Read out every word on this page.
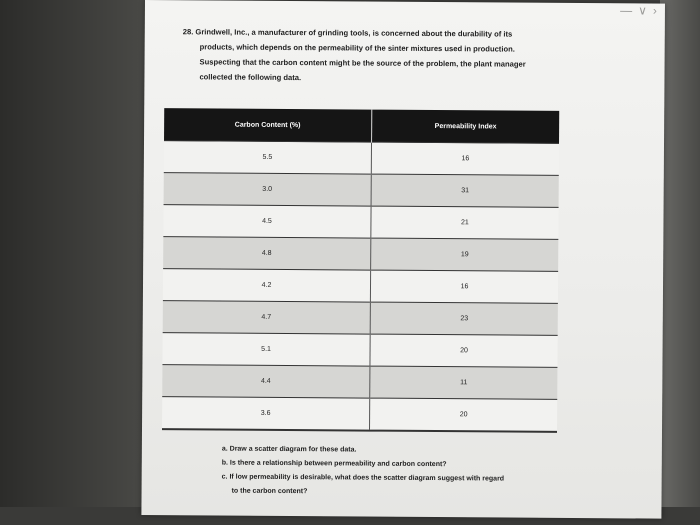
—∨›
28. Grindwell, Inc., a manufacturer of grinding tools, is concerned about the durability of its
products, which depends on the permeability of the sinter mixtures used in production.
Suspecting that the carbon content might be the source of the problem, the plant manager
collected the following data.
Carbon Content (%)	Permeability Index
5.5	16
3.0	31
4.5	21
4.8	19
4.2	16
4.7	23
5.1	20
4.4	11
3.6	20
a. Draw a scatter diagram for these data.
b. Is there a relationship between permeability and carbon content?
c. If low permeability is desirable, what does the scatter diagram suggest with regard
to the carbon content?
